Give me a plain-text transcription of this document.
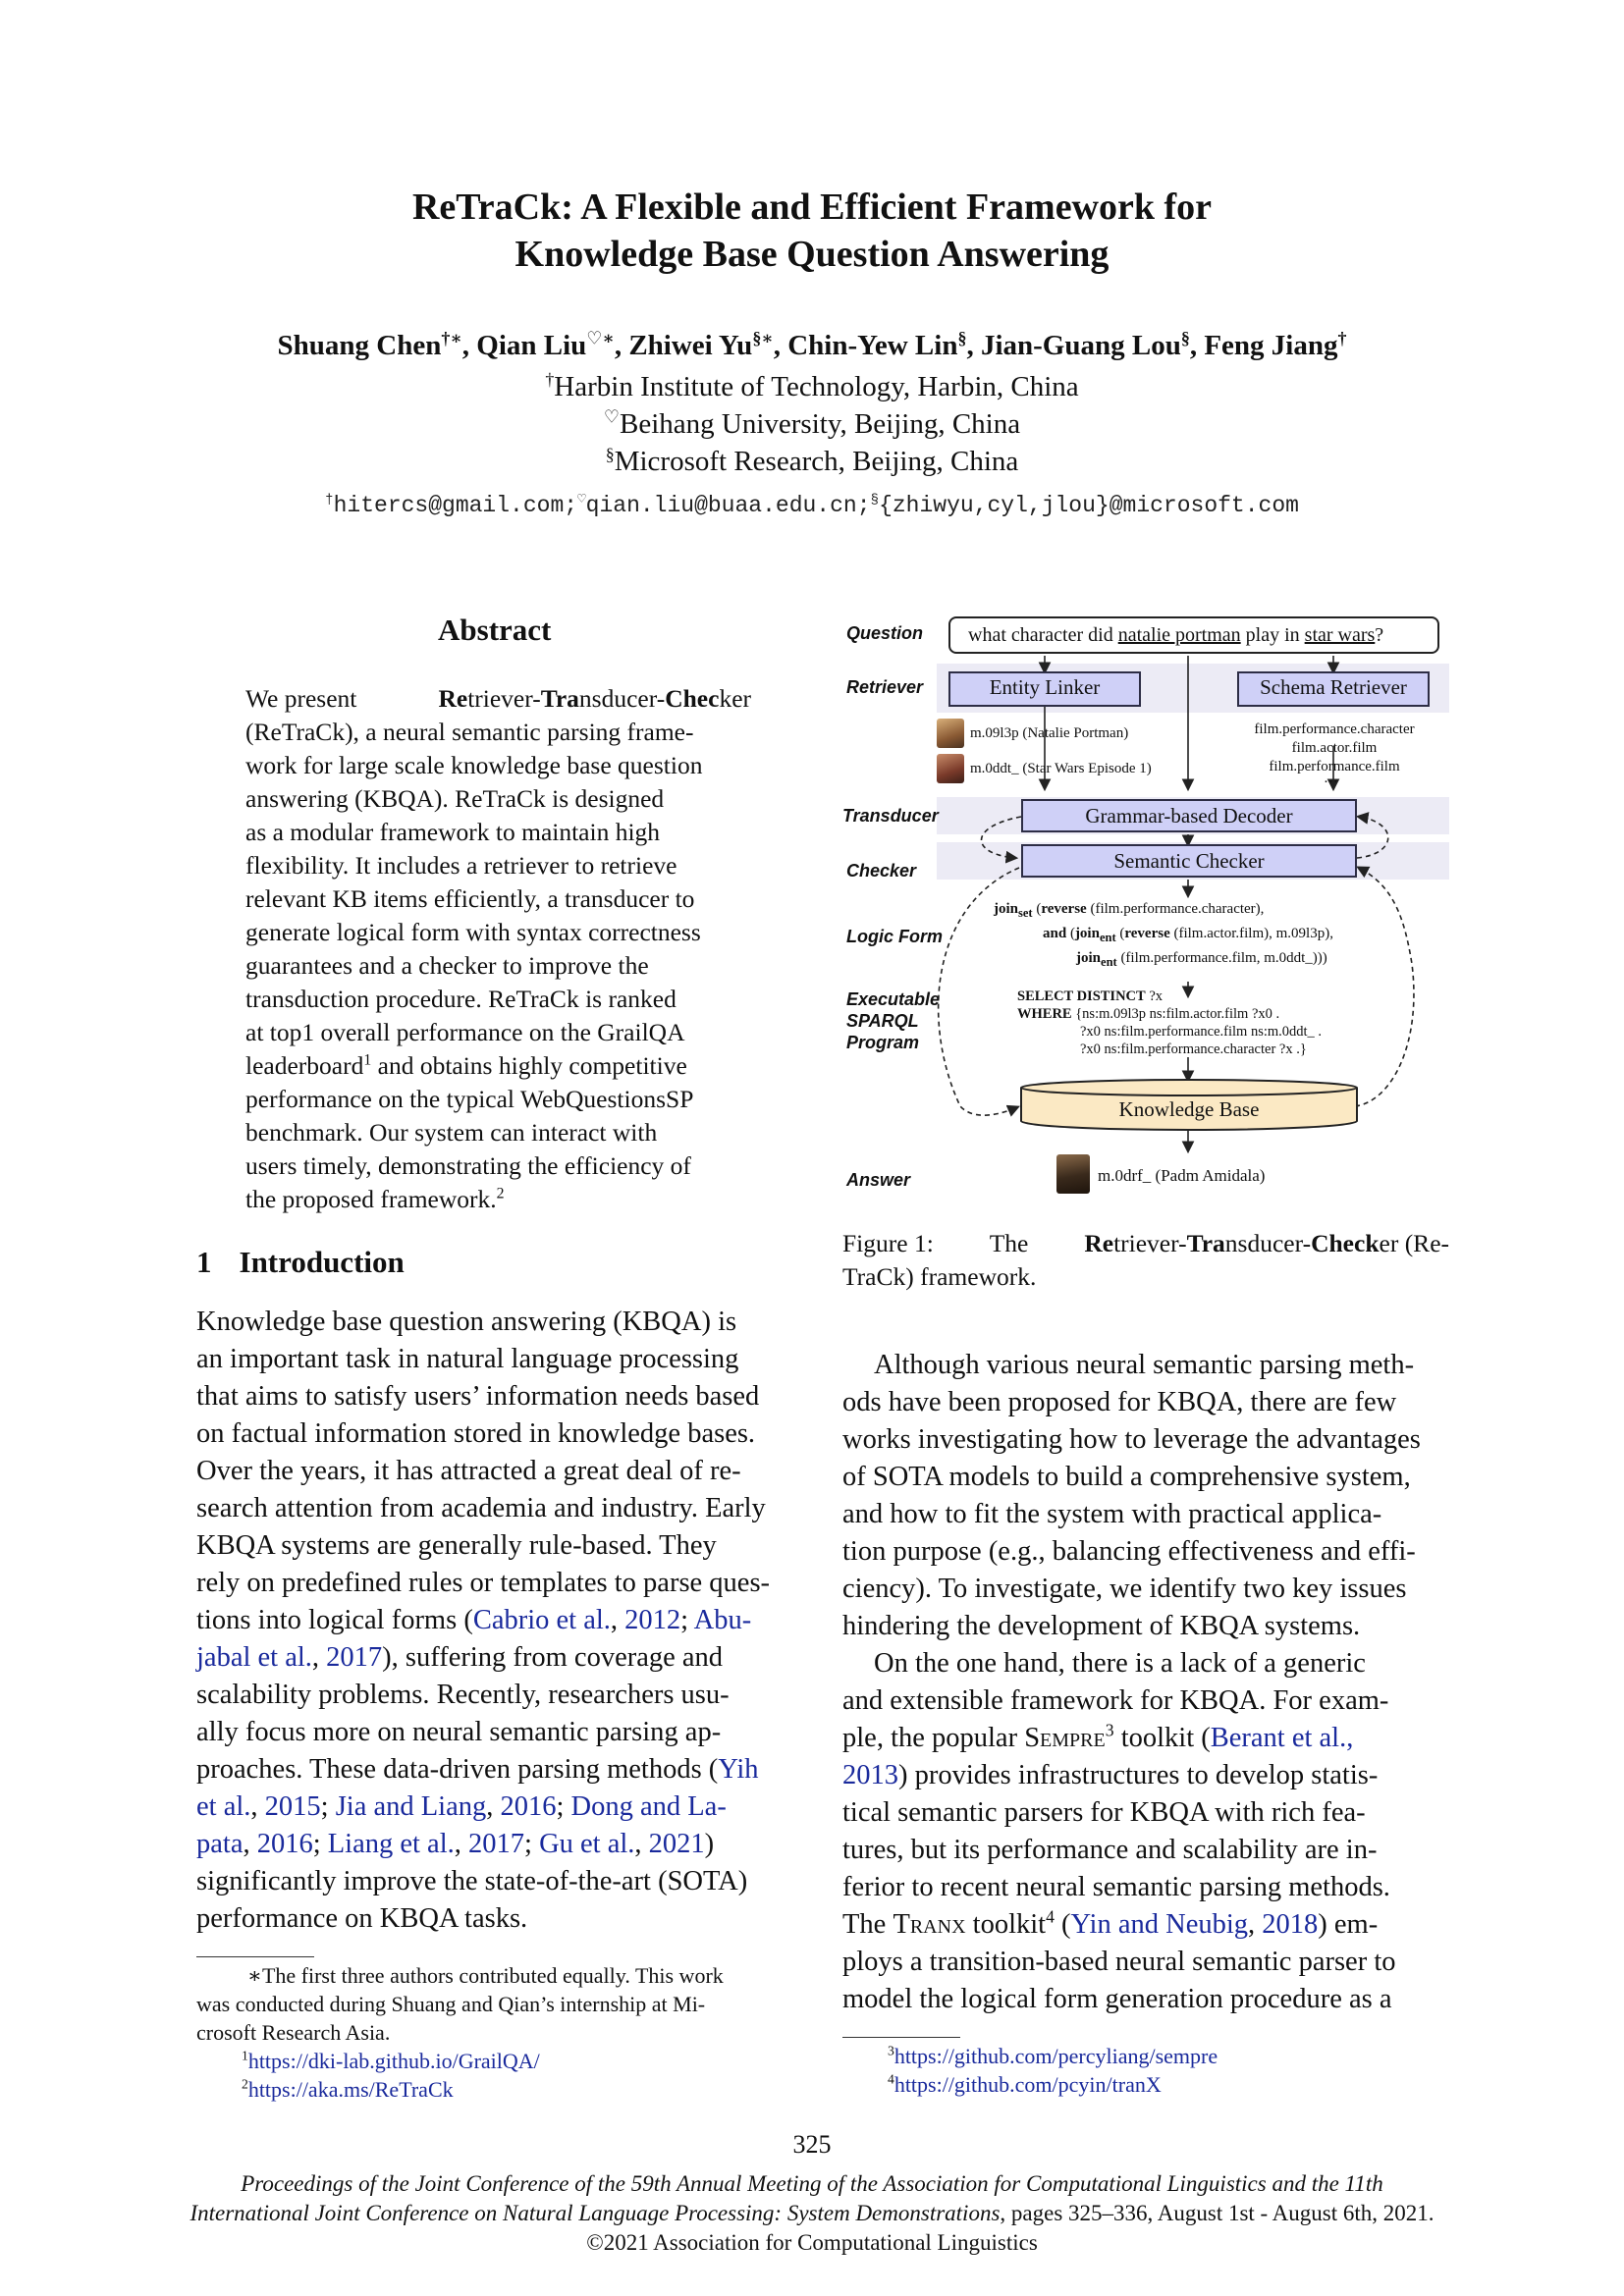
ReTraCk: A Flexible and Efficient Framework for
Knowledge Base Question Answering
Shuang Chen†∗, Qian Liu♡∗, Zhiwei Yu§∗, Chin-Yew Lin§, Jian-Guang Lou§, Feng Jiang†
†Harbin Institute of Technology, Harbin, China
♡Beihang University, Beijing, China
§Microsoft Research, Beijing, China
†hitercs@gmail.com;♡qian.liu@buaa.edu.cn;§{zhiwyu,cyl,jlou}@microsoft.com
Abstract
We present	Retriever-Transducer-Checker
(ReTraCk), a neural semantic parsing frame-
work for large scale knowledge base question
answering (KBQA). ReTraCk is designed
as a modular framework to maintain high
flexibility. It includes a retriever to retrieve
relevant KB items efficiently, a transducer to
generate logical form with syntax correctness
guarantees and a checker to improve the
transduction procedure. ReTraCk is ranked
at top1 overall performance on the GrailQA
leaderboard$^1$ and obtains highly competitive
performance on the typical WebQuestionsSP
benchmark. Our system can interact with
users timely, demonstrating the efficiency of
the proposed framework.$^2$
1 Introduction
Knowledge base question answering (KBQA) is
an important task in natural language processing
that aims to satisfy users’ information needs based
on factual information stored in knowledge bases.
Over the years, it has attracted a great deal of re-
search attention from academia and industry. Early
KBQA systems are generally rule-based. They
rely on predefined rules or templates to parse ques-
tions into logical forms (Cabrio et al., 2012; Abu-
jabal et al., 2017), suffering from coverage and
scalability problems. Recently, researchers usu-
ally focus more on neural semantic parsing ap-
proaches. These data-driven parsing methods (Yih
et al., 2015; Jia and Liang, 2016; Dong and La-
pata, 2016; Liang et al., 2017; Gu et al., 2021)
significantly improve the state-of-the-art (SOTA)
performance on KBQA tasks.
∗The first three authors contributed equally. This work
was conducted during Shuang and Qian’s internship at Mi-
crosoft Research Asia.
$^1$https://dki-lab.github.io/GrailQA/
$^2$https://aka.ms/ReTraCk
Question
Retriever
Transducer
Checker
Logic Form
Executable
SPARQL
Program
Answer
what character did natalie portman play in star wars?
Entity Linker	Schema Retriever
m.09l3p (Natalie Portman)
m.0ddt_ (Star Wars Episode 1)
film.performance.character
film.actor.film
film.performance.film
…
Grammar-based Decoder
Semantic Checker
join$_{set}$ (reverse (film.performance.character),
and (join$_{ent}$ (reverse (film.actor.film), m.09l3p),
join$_{ent}$ (film.performance.film, m.0ddt_)))
SELECT DISTINCT ?x
WHERE {ns:m.09l3p ns:film.actor.film ?x0 .
?x0 ns:film.performance.film ns:m.0ddt_ .
?x0 ns:film.performance.character ?x .}
Knowledge Base
m.0drf_ (Padm Amidala)
Figure 1: The Retriever-Transducer-Checker (Re-
TraCk) framework.
Although various neural semantic parsing meth-
ods have been proposed for KBQA, there are few
works investigating how to leverage the advantages
of SOTA models to build a comprehensive system,
and how to fit the system with practical applica-
tion purpose (e.g., balancing effectiveness and effi-
ciency). To investigate, we identify two key issues
hindering the development of KBQA systems.
On the one hand, there is a lack of a generic
and extensible framework for KBQA. For exam-
ple, the popular Sempre$^3$ toolkit (Berant et al.,
2013) provides infrastructures to develop statis-
tical semantic parsers for KBQA with rich fea-
tures, but its performance and scalability are in-
ferior to recent neural semantic parsing methods.
The Tranx toolkit$^4$ (Yin and Neubig, 2018) em-
ploys a transition-based neural semantic parser to
model the logical form generation procedure as a
$^3$https://github.com/percyliang/sempre
$^4$https://github.com/pcyin/tranX
325
Proceedings of the Joint Conference of the 59th Annual Meeting of the Association for Computational Linguistics and the 11th
International Joint Conference on Natural Language Processing: System Demonstrations, pages 325–336, August 1st - August 6th, 2021.
©2021 Association for Computational Linguistics
